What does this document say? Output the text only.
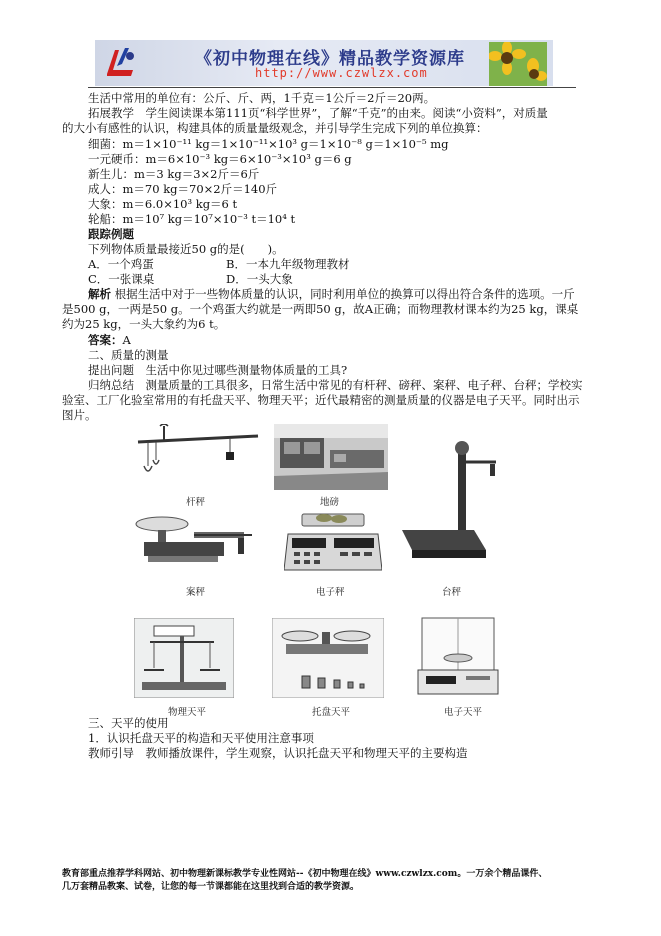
《初中物理在线》精品教学资源库
http://www.czwlzx.com
生活中常用的单位有：公斤、斤、两，1千克＝1公斤＝2斤＝20两。
拓展教学　学生阅读课本第111页“科学世界”，了解“千克”的由来。阅读“小资料”，对质量
的大小有感性的认识，构建具体的质量量级观念，并引导学生完成下列的单位换算：
细菌：m＝1×10⁻¹¹ kg＝1×10⁻¹¹×10³ g＝1×10⁻⁸ g＝1×10⁻⁵ mg
一元硬币：m＝6×10⁻³ kg＝6×10⁻³×10³ g＝6 g
新生儿：m＝3 kg＝3×2斤＝6斤
成人：m＝70 kg＝70×2斤＝140斤
大象：m＝6.0×10³ kg＝6 t
轮船：m＝10⁷ kg＝10⁷×10⁻³ t＝10⁴ t
跟踪例题
下列物体质量最接近50 g的是(　　)。
A．一个鸡蛋	B．一本九年级物理教材
C．一张课桌	D．一头大象
解析 根据生活中对于一些物体质量的认识，同时利用单位的换算可以得出符合条件的选项。一斤
是500 g，一两是50 g。一个鸡蛋大约就是一两即50 g，故A正确；而物理教材课本约为25 kg，课桌
约为25 kg，一头大象约为6 t。
答案：A
二、质量的测量
提出问题　生活中你见过哪些测量物体质量的工具?
归纳总结　测量质量的工具很多，日常生活中常见的有杆秤、磅秤、案秤、电子秤、台秤；学校实
验室、工厂化验室常用的有托盘天平、物理天平；近代最精密的测量质量的仪器是电子天平。同时出示
图片。
杆秤	地磅
案秤	电子秤	台秤
物理天平	托盘天平	电子天平
三、天平的使用
1．认识托盘天平的构造和天平使用注意事项
教师引导　教师播放课件，学生观察，认识托盘天平和物理天平的主要构造
教育部重点推荐学科网站、初中物理新课标教学专业性网站--《初中物理在线》www.czwlzx.com。一万余个精品课件、
几万套精品教案、试卷，让您的每一节课都能在这里找到合适的教学资源。
